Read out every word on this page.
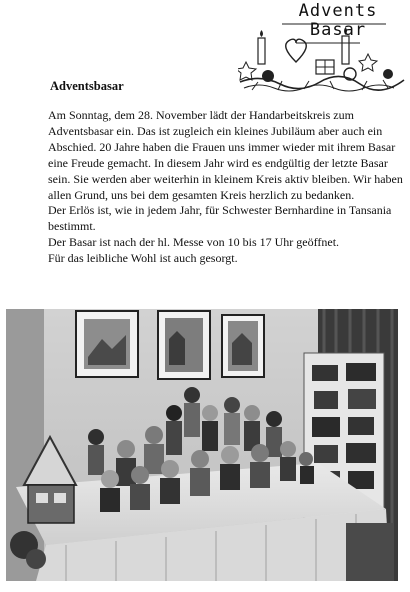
Advents
Basar
Adventsbasar

Am Sonntag, dem 28. November lädt der Handarbeitskreis zum Adventsbasar ein. Das ist zugleich ein kleines Jubiläum aber auch ein Abschied. 20 Jahre haben die Frauen uns immer wieder mit ihrem Basar eine Freude gemacht. In diesem Jahr wird es endgültig der letzte Basar sein. Sie werden aber weiterhin in kleinem Kreis aktiv bleiben. Wir haben allen Grund, uns bei dem gesamten Kreis herzlich zu bedanken.

Der Erlös ist, wie in jedem Jahr, für Schwester Bernhardine in Tansania bestimmt.

Der Basar ist nach der hl. Messe von 10 bis 17 Uhr geöffnet.

Für das leibliche Wohl ist auch gesorgt.
